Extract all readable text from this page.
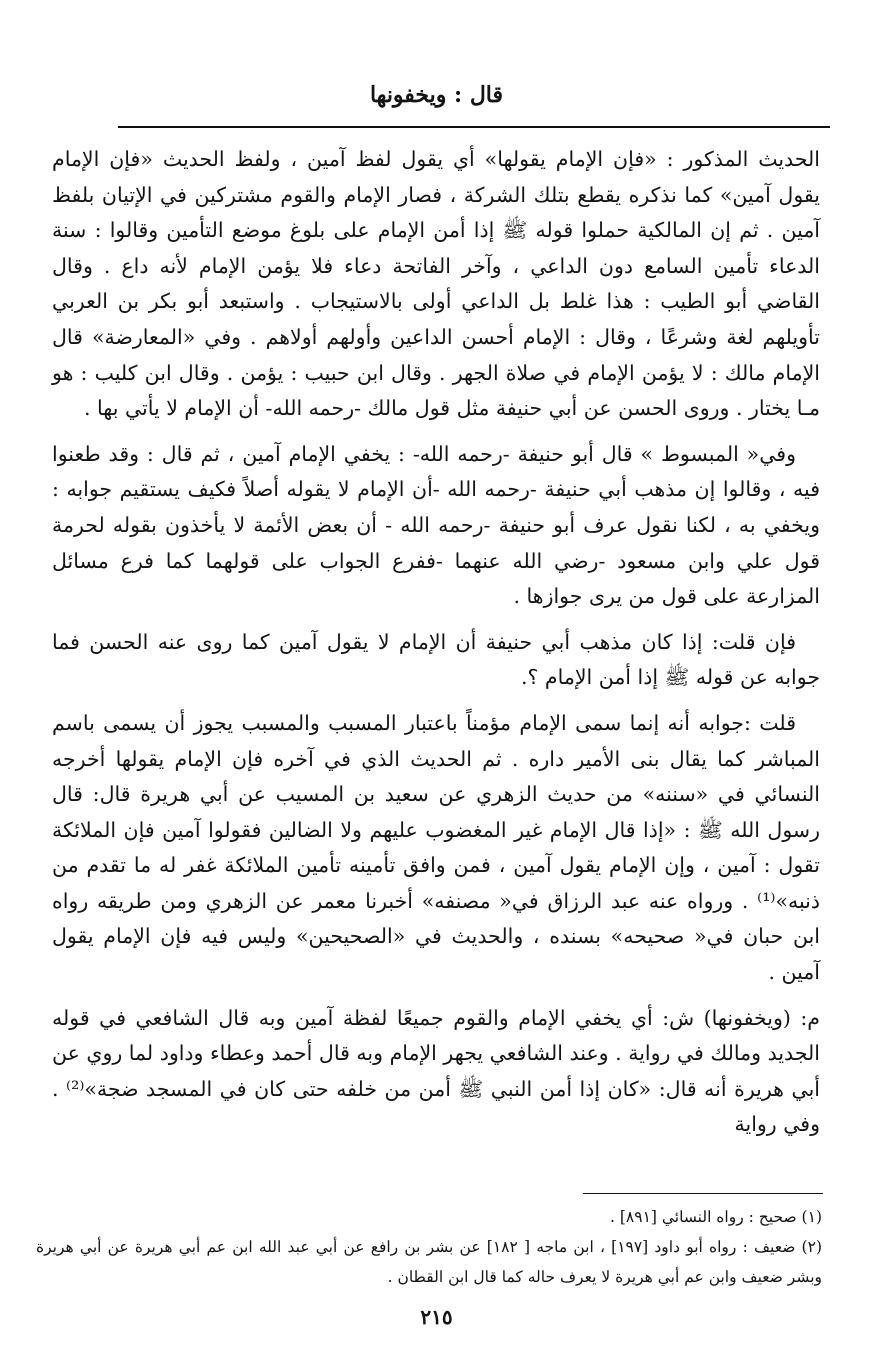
قال : ويخفونها

الحديث المذكور : «فإن الإمام يقولها» أي يقول لفظ آمين ، ولفظ الحديث «فإن الإمام يقول آمين» كما نذكره يقطع بتلك الشركة ، فصار الإمام والقوم مشتركين في الإتيان بلفظ آمين . ثم إن المالكية حملوا قوله ﷺ إذا أمن الإمام على بلوغ موضع التأمين وقالوا : سنة الدعاء تأمين السامع دون الداعي ، وآخر الفاتحة دعاء فلا يؤمن الإمام لأنه داع . وقال القاضي أبو الطيب : هذا غلط بل الداعي أولى بالاستيجاب . واستبعد أبو بكر بن العربي تأويلهم لغة وشرعًا ، وقال : الإمام أحسن الداعين وأولهم أولاهم . وفي «المعارضة» قال الإمام مالك : لا يؤمن الإمام في صلاة الجهر . وقال ابن حبيب : يؤمن . وقال ابن كليب : هو مـا يختار . وروى الحسن عن أبي حنيفة مثل قول مالك -رحمه الله- أن الإمام لا يأتي بها .

وفي« المبسوط » قال أبو حنيفة -رحمه الله- : يخفي الإمام آمين ، ثم قال : وقد طعنوا فيه ، وقالوا إن مذهب أبي حنيفة -رحمه الله -أن الإمام لا يقوله أصلاً فكيف يستقيم جوابه : ويخفي به ، لكنا نقول عرف أبو حنيفة -رحمه الله - أن بعض الأئمة لا يأخذون بقوله لحرمة قول علي وابن مسعود -رضي الله عنهما -ففرع الجواب على قولهما كما فرع مسائل المزارعة على قول من يرى جوازها .

فإن قلت: إذا كان مذهب أبي حنيفة أن الإمام لا يقول آمين كما روى عنه الحسن فما جوابه عن قوله ﷺ إذا أمن الإمام ؟.

قلت :جوابه أنه إنما سمى الإمام مؤمناً باعتبار المسبب والمسبب يجوز أن يسمى باسم المباشر كما يقال بنى الأمير داره . ثم الحديث الذي في آخره فإن الإمام يقولها أخرجه النسائي في «سننه» من حديث الزهري عن سعيد بن المسيب عن أبي هريرة قال: قال رسول الله ﷺ : «إذا قال الإمام غير المغضوب عليهم ولا الضالين فقولوا آمين فإن الملائكة تقول : آمين ، وإن الإمام يقول آمين ، فمن وافق تأمينه تأمين الملائكة غفر له ما تقدم من ذنبه»⁽¹⁾ . ورواه عنه عبد الرزاق في« مصنفه» أخبرنا معمر عن الزهري ومن طريقه رواه ابن حبان في« صحيحه» بسنده ، والحديث في «الصحيحين» وليس فيه فإن الإمام يقول آمين .

م: (ويخفونها) ش: أي يخفي الإمام والقوم جميعًا لفظة آمين وبه قال الشافعي في قوله الجديد ومالك في رواية . وعند الشافعي يجهر الإمام وبه قال أحمد وعطاء وداود لما روي عن أبي هريرة أنه قال: «كان إذا أمن النبي ﷺ أمن من خلفه حتى كان في المسجد ضجة»⁽²⁾ . وفي رواية

(١) صحيح : رواه النسائي [٨٩١] .

(٢) ضعيف : رواه أبو داود [١٩٧] ، ابن ماجه [ ١٨٢] عن بشر بن رافع عن أبي عبد الله ابن عم أبي هريرة عن أبي هريرة وبشر ضعيف وابن عم أبي هريرة لا يعرف حاله كما قال ابن القطان .

٢١٥
